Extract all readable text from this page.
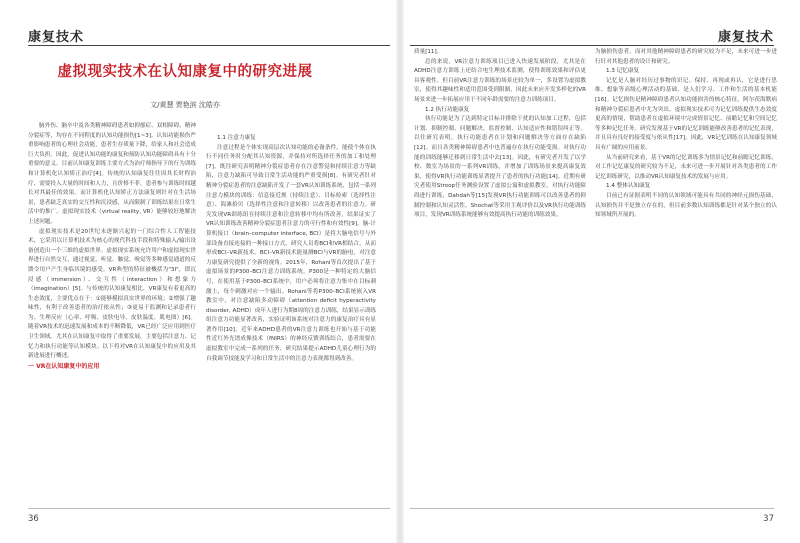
康复技术
虚拟现实技术在认知康复中的研究进展
文/黄慧 贾艳滨 沈皓亦

脑外伤、脑卒中及各类精神障碍患者如抑郁症、双相障碍、精神分裂症等，均存在不同程度的认知功能损伤[1~3]。认知功能损伤严重影响患者的心理社会功能，患者生存质量下降，给家人和社会造成巨大负担。因此，促进认知功能的康复和预防认知功能障碍具有十分重要的意义。目前认知康复训练主要方式为治疗师指导下的行为训练和计算机化认知矫正治疗[4]。传统的认知康复往往因其长时程治疗、需要投入大量的时间和人力，且价格不菲，患者参与训练时间越长对其最佳的效果。而计算机化认知矫正方法康复则针对在生活场景，患者缺乏真实的交互性和沉浸感，从而限制了训练结果在日常生活中的推广。虚拟现实技术（virtual reality, VR）能够较好地解决上述问题。

虚拟现实技术是20世纪末逐渐兴起的一门综合性人工智能技术，它采用以计算机技术为核心的现代科技手段和特殊输入/输出设备创造出一个三维的虚拟世界。虚拟现实系统允许用户和虚拟现实世界进行自然交互，通过视觉、听觉、触觉、嗅觉等多种感觉通道的反馈令用户产生身临其境的感受。VR典型的特征被概括为"3I"，即沉浸感（immersion）、交互性（interaction）和想象力（imagination）[5]。与传统的认知康复相比，VR康复有着更高的生态效度，主要优点在于：①能够模拟真实世界的环境；②增强了趣味性，有利于改善患者的治疗依从性；③更易于监测和记录患者行为、生理反应（心率、呼吸、皮肤电导、皮肤温度、肌电图）[6]。随着VR技术的迅速发展和成本的不断降低，VR已经广泛应用到医疗卫生领域。尤其在认知康复中取得了重要发展，主要包括注意力、记忆力和执行功能等认知模块。以下将对VR在认知康复中的应用及其新进展进行概述。

一 VR在认知康复中的应用

1.1 注意力康复

注意过程是个体实现高层次认知功能的必备条件，能使个体在执行不同任务时分配其认知资源，并保持对所选择任务的加工和处理[7]。既往研究表明精神分裂症患者存在注意警觉和持续注意力等缺陷，注意力缺陷可导致日常生活功能的严重受损[8]。有研究者针对精神分裂症患者的注意缺陷开发了一套VR认知训练系统，包括一系列注意力模块的训练：信息接近规（持续注意）、目标检索（选择性注意）、海滩拾贝（选择性注意和注意转移）以改善患者的注意力。研究发现VR训练组在持续注意和注意转移中均有所改善，结果证实了VR认知训练改善精神分裂症患者注意力的可行性和有效性[9]。脑-计算机接口（brain–computer interface, BCI）是将大脑电信号与外部设备直接连接的一种接口方式，研究人员将BCI和VR相结合，从而形成BCI–VR新技术。BCI–VR新技术能量测BCI与VR的脑电，对注意力康复研究提供了全新的视角。2015年，Rohani等首次提出了基于虚拟场景的P300–BCI注意力训练系统，P300是一种特定的大脑信号，在使用基于P300–BCI系统中，用户必须将注意力集中在目标刺激上，每个刺激对应一个输出。Rohani等将P300–BCI系统嵌入VR教室中，对注意缺陷多动障碍（attention deficit hyperactivity disorder, ADHD）成年人进行为期8周的注意力训练，结果显示训练组注意力功能显著改善，实验证明该系统对注意力的康复治疗具有显著作用[10]。近年来ADHD患者的VR注意力训练也开始与基于功能性近红外光谱成像技术（fNIRS）的神经反馈训练结合，患者需要在虚拟教室中完成一系列的任务，研究结果提示ADHD儿童心理行为的自我调节技能及学习和日常生活中的注意力表现都得到改善。

36
康复技术

质量[11]。

总的来说，VR注意力训练项目已进入快速发展阶段，尤其是在ADHD注意力训练上还结合电生理技术监测，使得训练效果和评估更具客观性。但目前VR注意力训练的场景还较为单一，多设置为虚拟教室，使得其趣味性和适用范围受到限制，因此未来应开发多样化的VR场景来进一步拓展应用于不同年龄需要的注意力训练项目。

1.2 执行功能康复

执行功能是为了达到特定目标并排除干扰的认知加工过程，包括计划、抑制控制、问题解决、监督控制、认知适应性和错误纠正等。以往研究表明，执行功能患者在计划和问题解决等方面存在缺陷[12]。而且各类精神障碍患者中也普遍存在执行功能受损。对执行功能的训练能够迁移到日常生活中去[13]。因此，有研究者开发了以学校、数室为场景的一系列VR训练，并增加了训练场景来提高康复效果，使得VR执行功能训练显著提升了患者的执行功能[14]。近期有研究者使用Stroop任务测验设置了虚拟公寓和虚拟教室，对执行功能障碍进行训练，Dahdah等[15]发现VR执行功能训练可以改善患者的抑制控制和认知灵活性。Shochat等采用主观评价以及VR执行功能训练项目，发现VR训练系统能够有效提高执行功能的训练效果。

为脑损伤患者，而对其他精神障碍患者的研究较为不足，未来可进一步进行针对其他患者的设计和研究。

1.3 记忆康复

记忆是人脑对经历过事物的识记、保持、再现或再认，它是进行思维、想象等高级心理活动的基础，是人们学习、工作和生活的基本机能[16]。记忆损伤是精神障碍患者认知功能损害的核心特征，阿尔茨海默病和精神分裂症患者中尤为突出。虚拟现实技术可为记忆训练提供生态效度更高的情境，帮助患者在虚拟环境中完成情景记忆、前瞻记忆和空间记忆等多种记忆任务。研究发现基于VR的记忆训练能够改善患者的记忆表现，并且具有良好的接受度与依从性[17]。因此，VR记忆训练在认知康复领域具有广阔的应用前景。

从当前研究来看，基于VR的记忆训练多为情景记忆和前瞻记忆训练，对工作记忆康复的研究较为不足，未来可进一步开展针对各类患者的工作记忆训练研究，以推动VR认知康复技术的发展与应用。

1.4 整体认知康复

目前已有证据表明不同的认知领域可能具有共同的神经元损伤基础，认知损伤并不是独立存在的，但目前多数认知训练都是针对某个独立的认知领域所开展的。

37
